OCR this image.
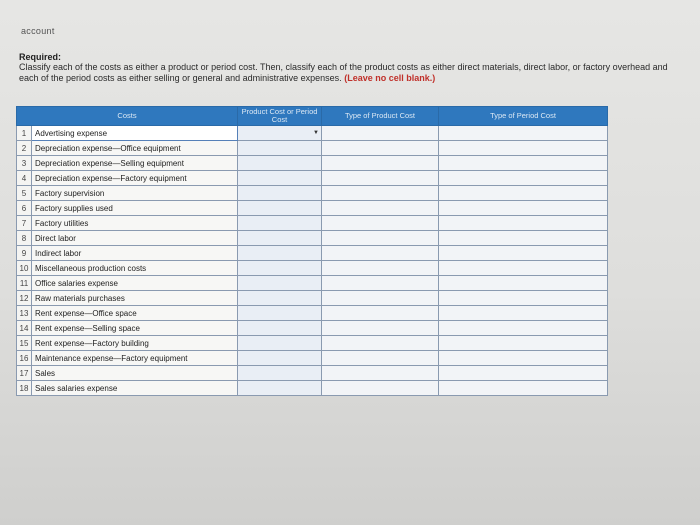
account
Required:
Classify each of the costs as either a product or period cost. Then, classify each of the product costs as either direct materials, direct labor, or factory overhead and each of the period costs as either selling or general and administrative expenses. (Leave no cell blank.)
Costs		Product Cost or Period Cost	Type of Product Cost	Type of Period Cost
1	Advertising expense	▼		

2	Depreciation expense—Office equipment			
3	Depreciation expense—Selling equipment			
4	Depreciation expense—Factory equipment			
5	Factory supervision			
6	Factory supplies used			
7	Factory utilities			
8	Direct labor			
9	Indirect labor			
10	Miscellaneous production costs			
11	Office salaries expense			
12	Raw materials purchases			
13	Rent expense—Office space			
14	Rent expense—Selling space			
15	Rent expense—Factory building			
16	Maintenance expense—Factory equipment			
17	Sales			
18	Sales salaries expense			
